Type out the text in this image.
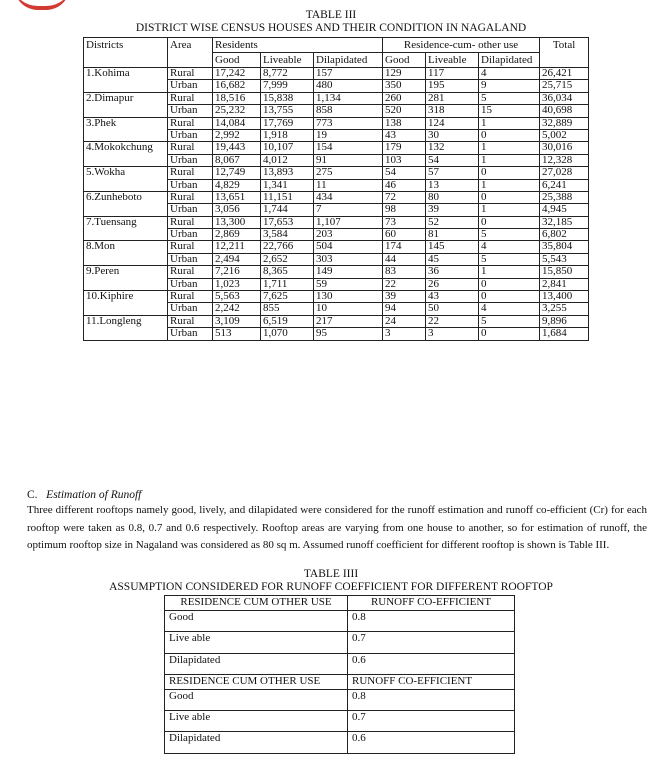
TABLE III
DISTRICT WISE CENSUS HOUSES AND THEIR CONDITION IN NAGALAND
Districts	Area	Residents			Residence-cum- other use			Total
		Good	Liveable	Dilapidated	Good	Liveable	Dilapidated	
1.Kohima	Rural	17,242	8,772	157	129	117	4	26,421
	Urban	16,682	7,999	480	350	195	9	25,715
2.Dimapur	Rural	18,516	15,838	1,134	260	281	5	36,034
	Urban	25,232	13,755	858	520	318	15	40,698
3.Phek	Rural	14,084	17,769	773	138	124	1	32,889
	Urban	2,992	1,918	19	43	30	0	5,002
4.Mokokchung	Rural	19,443	10,107	154	179	132	1	30,016
	Urban	8,067	4,012	91	103	54	1	12,328
5.Wokha	Rural	12,749	13,893	275	54	57	0	27,028
	Urban	4,829	1,341	11	46	13	1	6,241
6.Zunheboto	Rural	13,651	11,151	434	72	80	0	25,388
	Urban	3,056	1,744	7	98	39	1	4,945
7.Tuensang	Rural	13,300	17,653	1,107	73	52	0	32,185
	Urban	2,869	3,584	203	60	81	5	6,802
8.Mon	Rural	12,211	22,766	504	174	145	4	35,804
	Urban	2,494	2,652	303	44	45	5	5,543
9.Peren	Rural	7,216	8,365	149	83	36	1	15,850
	Urban	1,023	1,711	59	22	26	0	2,841
10.Kiphire	Rural	5,563	7,625	130	39	43	0	13,400
	Urban	2,242	855	10	94	50	4	3,255
11.Longleng	Rural	3,109	6,519	217	24	22	5	9,896
	Urban	513	1,070	95	3	3	0	1,684
C. Estimation of Runoff
Three different rooftops namely good, lively, and dilapidated were considered for the runoff estimation and runoff co-efficient (Cr) for each rooftop were taken as 0.8, 0.7 and 0.6 respectively. Rooftop areas are varying from one house to another, so for estimation of runoff, the optimum rooftop size in Nagaland was considered as 80 sq m. Assumed runoff coefficient for different rooftop is shown is Table III.
TABLE IIII
ASSUMPTION CONSIDERED FOR RUNOFF COEFFICIENT FOR DIFFERENT ROOFTOP
RESIDENCE CUM OTHER USE	RUNOFF CO-EFFICIENT
Good	0.8
Live able	0.7
Dilapidated	0.6
RESIDENCE CUM OTHER USE	RUNOFF CO-EFFICIENT
Good	0.8
Live able	0.7
Dilapidated	0.6
